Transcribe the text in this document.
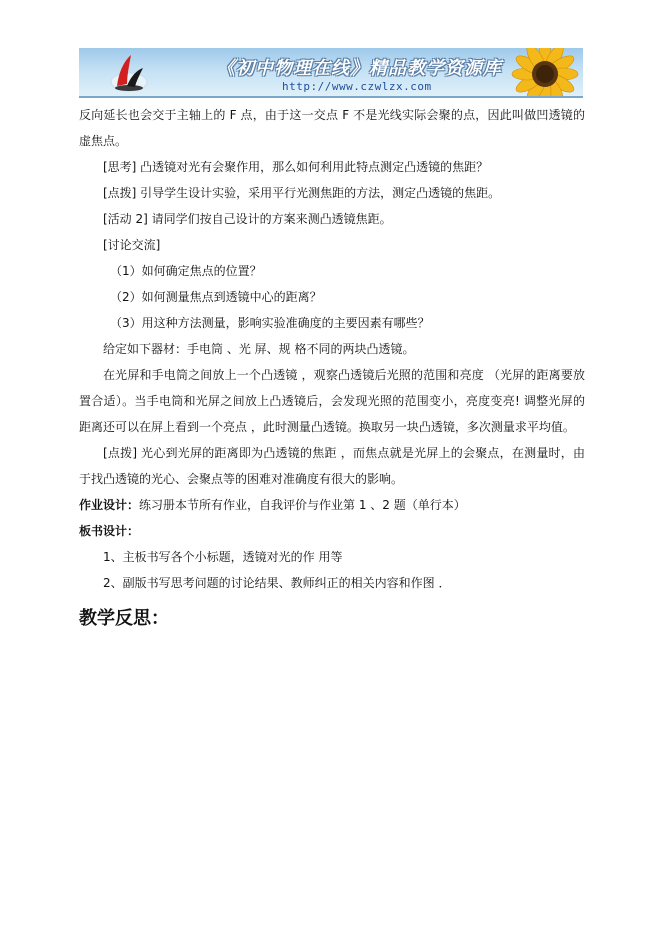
《初中物理在线》精品教学资源库
http://www.czwlzx.com

反向延长也会交于主轴上的 F 点，由于这一交点 F 不是光线实际会聚的点，因此叫做凹透镜的虚焦点。

[思考] 凸透镜对光有会聚作用，那么如何利用此特点测定凸透镜的焦距？

[点拨] 引导学生设计实验，采用平行光测焦距的方法，测定凸透镜的焦距。

[活动 2] 请同学们按自己设计的方案来测凸透镜焦距。

[讨论交流]

（1）如何确定焦点的位置？

（2）如何测量焦点到透镜中心的距离？

（3）用这种方法测量，影响实验准确度的主要因素有哪些？

给定如下器材：手电筒 、光 屏、规 格不同的两块凸透镜。

在光屏和手电筒之间放上一个凸透镜 ，观察凸透镜后光照的范围和亮度 （光屏的距离要放置合适）。当手电筒和光屏之间放上凸透镜后，会发现光照的范围变小，亮度变亮! 调整光屏的距离还可以在屏上看到一个亮点 ，此时测量凸透镜。换取另一块凸透镜，多次测量求平均值。

[点拨] 光心到光屏的距离即为凸透镜的焦距 ，而焦点就是光屏上的会聚点，在测量时，由于找凸透镜的光心、会聚点等的困难对准确度有很大的影响。

作业设计：练习册本节所有作业，自我评价与作业第 1 、2 题（单行本）

板书设计：

1、主板书写各个小标题，透镜对光的作 用等

2、副版书写思考问题的讨论结果、教师纠正的相关内容和作图 ．

教学反思：
